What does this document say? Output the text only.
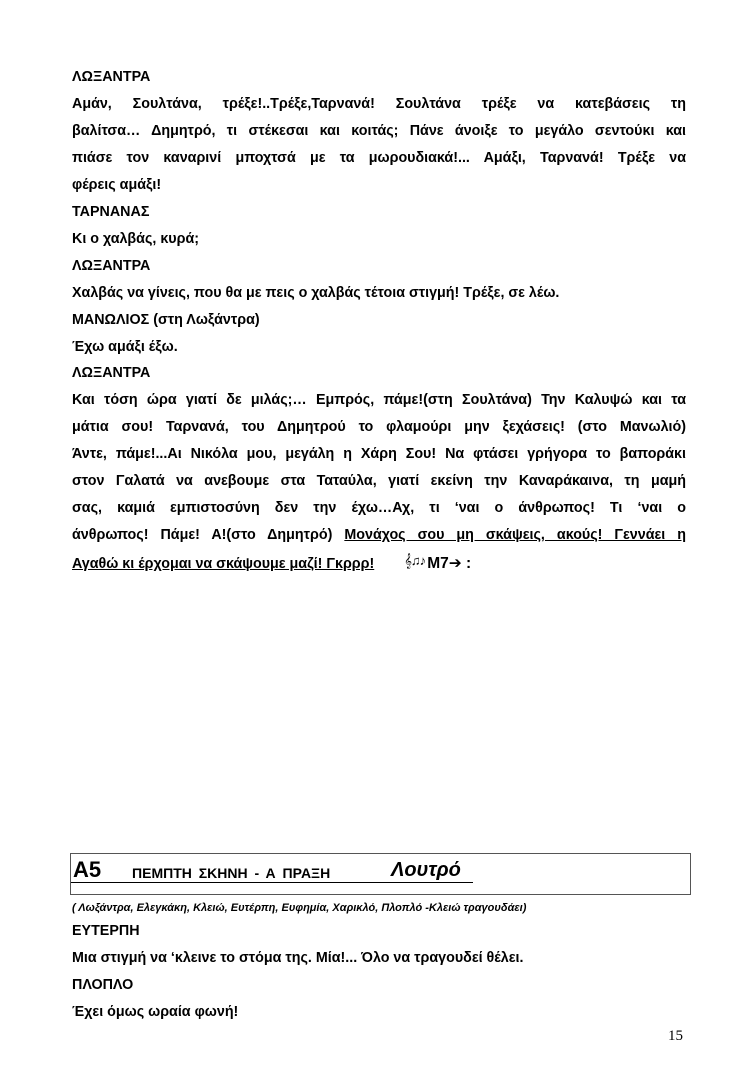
ΛΩΞΑΝΤΡΑ
Αμάν, Σουλτάνα, τρέξε!..Τρέξε,Ταρνανά! Σουλτάνα τρέξε να κατεβάσεις τη
βαλίτσα… Δημητρό, τι στέκεσαι και κοιτάς; Πάνε άνοιξε το μεγάλο σεντούκι και
πιάσε τον καναρινί μποχτσά με τα μωρουδιακά!... Αμάξι, Ταρνανά! Τρέξε να
φέρεις αμάξι!
ΤΑΡΝΑΝΑΣ
Κι ο χαλβάς, κυρά;
ΛΩΞΑΝΤΡΑ
Χαλβάς να γίνεις, που θα με πεις ο χαλβάς τέτοια στιγμή! Τρέξε, σε λέω.
ΜΑΝΩΛΙΟΣ (στη Λωξάντρα)
Έχω αμάξι έξω.
ΛΩΞΑΝΤΡΑ
Και τόση ώρα γιατί δε μιλάς;… Εμπρός, πάμε!(στη Σουλτάνα) Την Καλυψώ και τα
μάτια σου! Ταρνανά, του Δημητρού το φλαμούρι μην ξεχάσεις! (στο Μανωλιό)
Άντε, πάμε!...Αι Νικόλα μου, μεγάλη η Χάρη Σου! Να φτάσει γρήγορα το βαποράκι
στον Γαλατά να ανεβουμε στα Ταταύλα, γιατί εκείνη την Καναράκαινα, τη μαμή
σας, καμιά εμπιστοσύνη δεν την έχω…Αχ, τι ‘ναι ο άνθρωπος! Τι ‘ναι ο
άνθρωπος! Πάμε! Α!(στο Δημητρό) Μονάχος σου μη σκάψεις, ακούς! Γεννάει η
Αγαθώ κι έρχομαι να σκάψουμε μαζί! Γκρρρ! 𝄞♫♪ M7➔ :
A5 ΠΕΜΠΤΗ ΣΚΗΝΗ - Α ΠΡΑΞΗ	Λουτρό
( Λωξάντρα, Ελεγκάκη, Κλειώ, Ευτέρπη, Ευφημία, Χαρικλό, Πλοπλό -Κλειώ τραγουδάει)
ΕΥΤΕΡΠΗ
Μια στιγμή να ‘κλεινε το στόμα της. Μία!... Όλο να τραγουδεί θέλει.
ΠΛΟΠΛΟ
Έχει όμως ωραία φωνή!
15
